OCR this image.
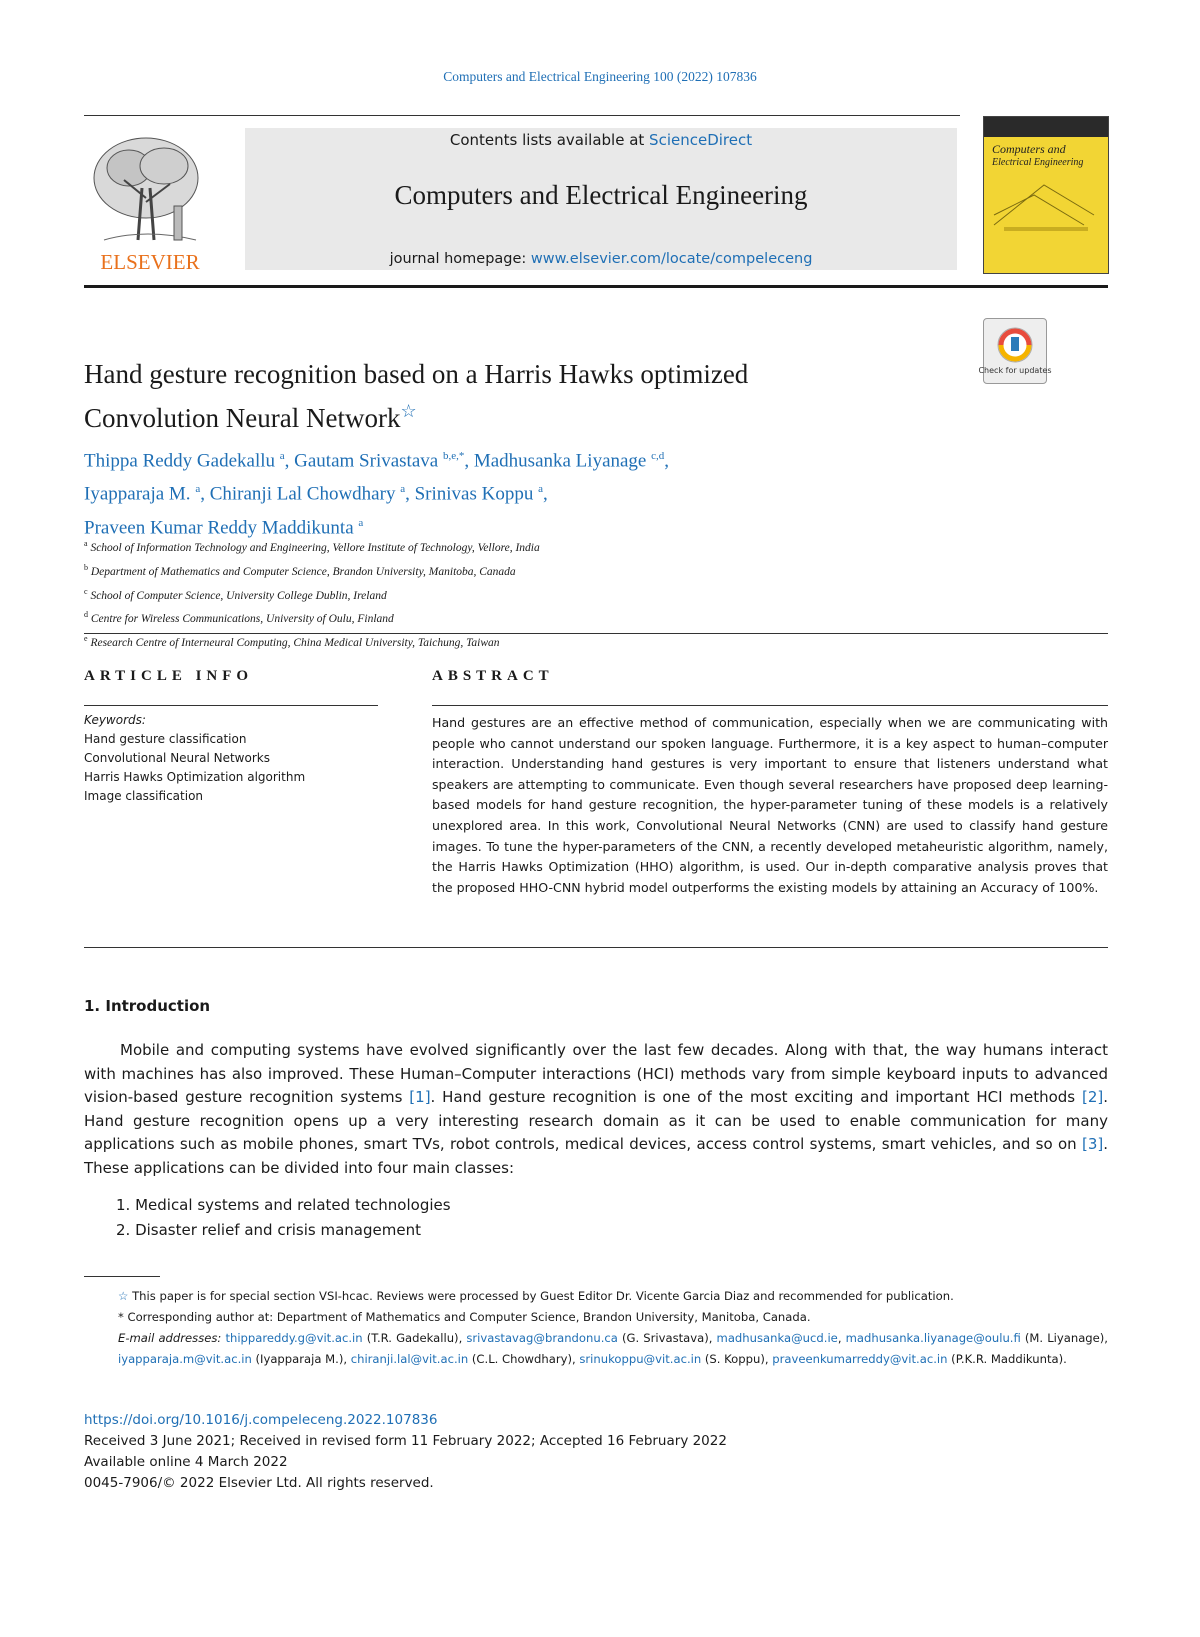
Computers and Electrical Engineering 100 (2022) 107836
ELSEVIER
Contents lists available at ScienceDirect
Computers and Electrical Engineering
journal homepage: www.elsevier.com/locate/compeleceng
Computers and
Electrical Engineering
Check for updates
Hand gesture recognition based on a Harris Hawks optimized
Convolution Neural Network☆
Thippa Reddy Gadekallu $^a$, Gautam Srivastava $^{b,e,*}$, Madhusanka Liyanage $^{c,d}$,
Iyapparaja M. $^a$, Chiranji Lal Chowdhary $^a$, Srinivas Koppu $^a$,
Praveen Kumar Reddy Maddikunta $^a$
$^a$ School of Information Technology and Engineering, Vellore Institute of Technology, Vellore, India
$^b$ Department of Mathematics and Computer Science, Brandon University, Manitoba, Canada
$^c$ School of Computer Science, University College Dublin, Ireland
$^d$ Centre for Wireless Communications, University of Oulu, Finland
$^e$ Research Centre of Interneural Computing, China Medical University, Taichung, Taiwan
ARTICLE INFO
Keywords:
Hand gesture classification
Convolutional Neural Networks
Harris Hawks Optimization algorithm
Image classification
ABSTRACT
Hand gestures are an effective method of communication, especially when we are communicating with people who cannot understand our spoken language. Furthermore, it is a key aspect to human–computer interaction. Understanding hand gestures is very important to ensure that listeners understand what speakers are attempting to communicate. Even though several researchers have proposed deep learning-based models for hand gesture recognition, the hyper-parameter tuning of these models is a relatively unexplored area. In this work, Convolutional Neural Networks (CNN) are used to classify hand gesture images. To tune the hyper-parameters of the CNN, a recently developed metaheuristic algorithm, namely, the Harris Hawks Optimization (HHO) algorithm, is used. Our in-depth comparative analysis proves that the proposed HHO-CNN hybrid model outperforms the existing models by attaining an Accuracy of 100%.
1. Introduction
Mobile and computing systems have evolved significantly over the last few decades. Along with that, the way humans interact with machines has also improved. These Human–Computer interactions (HCI) methods vary from simple keyboard inputs to advanced vision-based gesture recognition systems [1]. Hand gesture recognition is one of the most exciting and important HCI methods [2]. Hand gesture recognition opens up a very interesting research domain as it can be used to enable communication for many applications such as mobile phones, smart TVs, robot controls, medical devices, access control systems, smart vehicles, and so on [3]. These applications can be divided into four main classes:
1. Medical systems and related technologies
2. Disaster relief and crisis management
☆ This paper is for special section VSI-hcac. Reviews were processed by Guest Editor Dr. Vicente Garcia Diaz and recommended for publication.
* Corresponding author at: Department of Mathematics and Computer Science, Brandon University, Manitoba, Canada.
E-mail addresses: thippareddy.g@vit.ac.in (T.R. Gadekallu), srivastavag@brandonu.ca (G. Srivastava), madhusanka@ucd.ie, madhusanka.liyanage@oulu.fi (M. Liyanage), iyapparaja.m@vit.ac.in (Iyapparaja M.), chiranji.lal@vit.ac.in (C.L. Chowdhary), srinukoppu@vit.ac.in (S. Koppu), praveenkumarreddy@vit.ac.in (P.K.R. Maddikunta).
https://doi.org/10.1016/j.compeleceng.2022.107836
Received 3 June 2021; Received in revised form 11 February 2022; Accepted 16 February 2022
Available online 4 March 2022
0045-7906/© 2022 Elsevier Ltd. All rights reserved.
